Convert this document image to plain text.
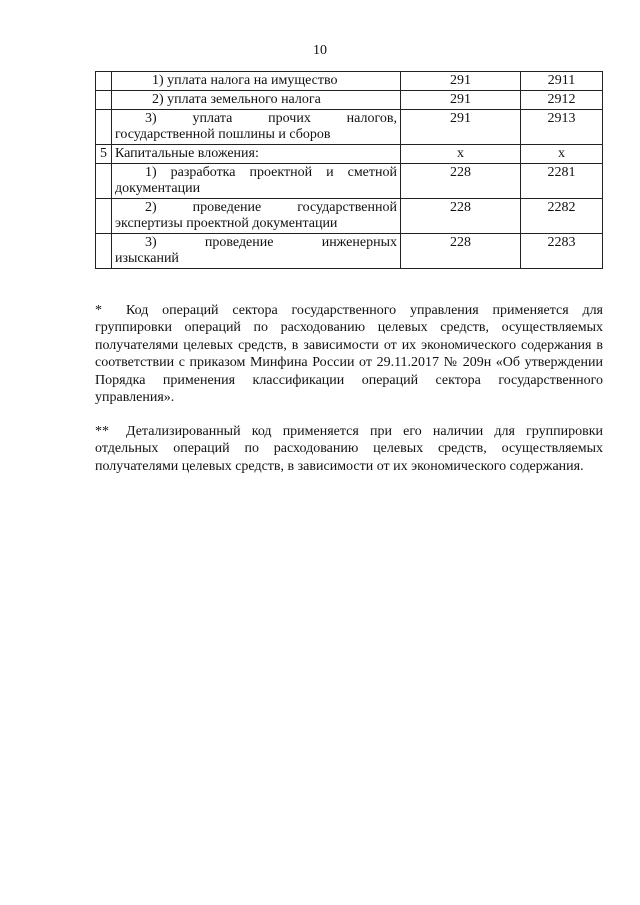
10
	1) уплата налога на имущество	291	2911
	2) уплата земельного налога	291	2912

	3) уплата прочих налогов,
государственной пошлины и сборов	291	2913
5	Капитальные вложения:	x	x

	1) разработка проектной и сметной
документации	228	2281

	2) проведение государственной
экспертизы проектной документации	228	2282

	3) проведение инженерных
изысканий	228	2283

* Код операций сектора государственного управления применяется для группировки операций по расходованию целевых средств, осуществляемых получателями целевых средств, в зависимости от их экономического содержания в соответствии с приказом Минфина России от 29.11.2017 № 209н «Об утверждении Порядка применения классификации операций сектора государственного управления».

** Детализированный код применяется при его наличии для группировки отдельных операций по расходованию целевых средств, осуществляемых получателями целевых средств, в зависимости от их экономического содержания.
